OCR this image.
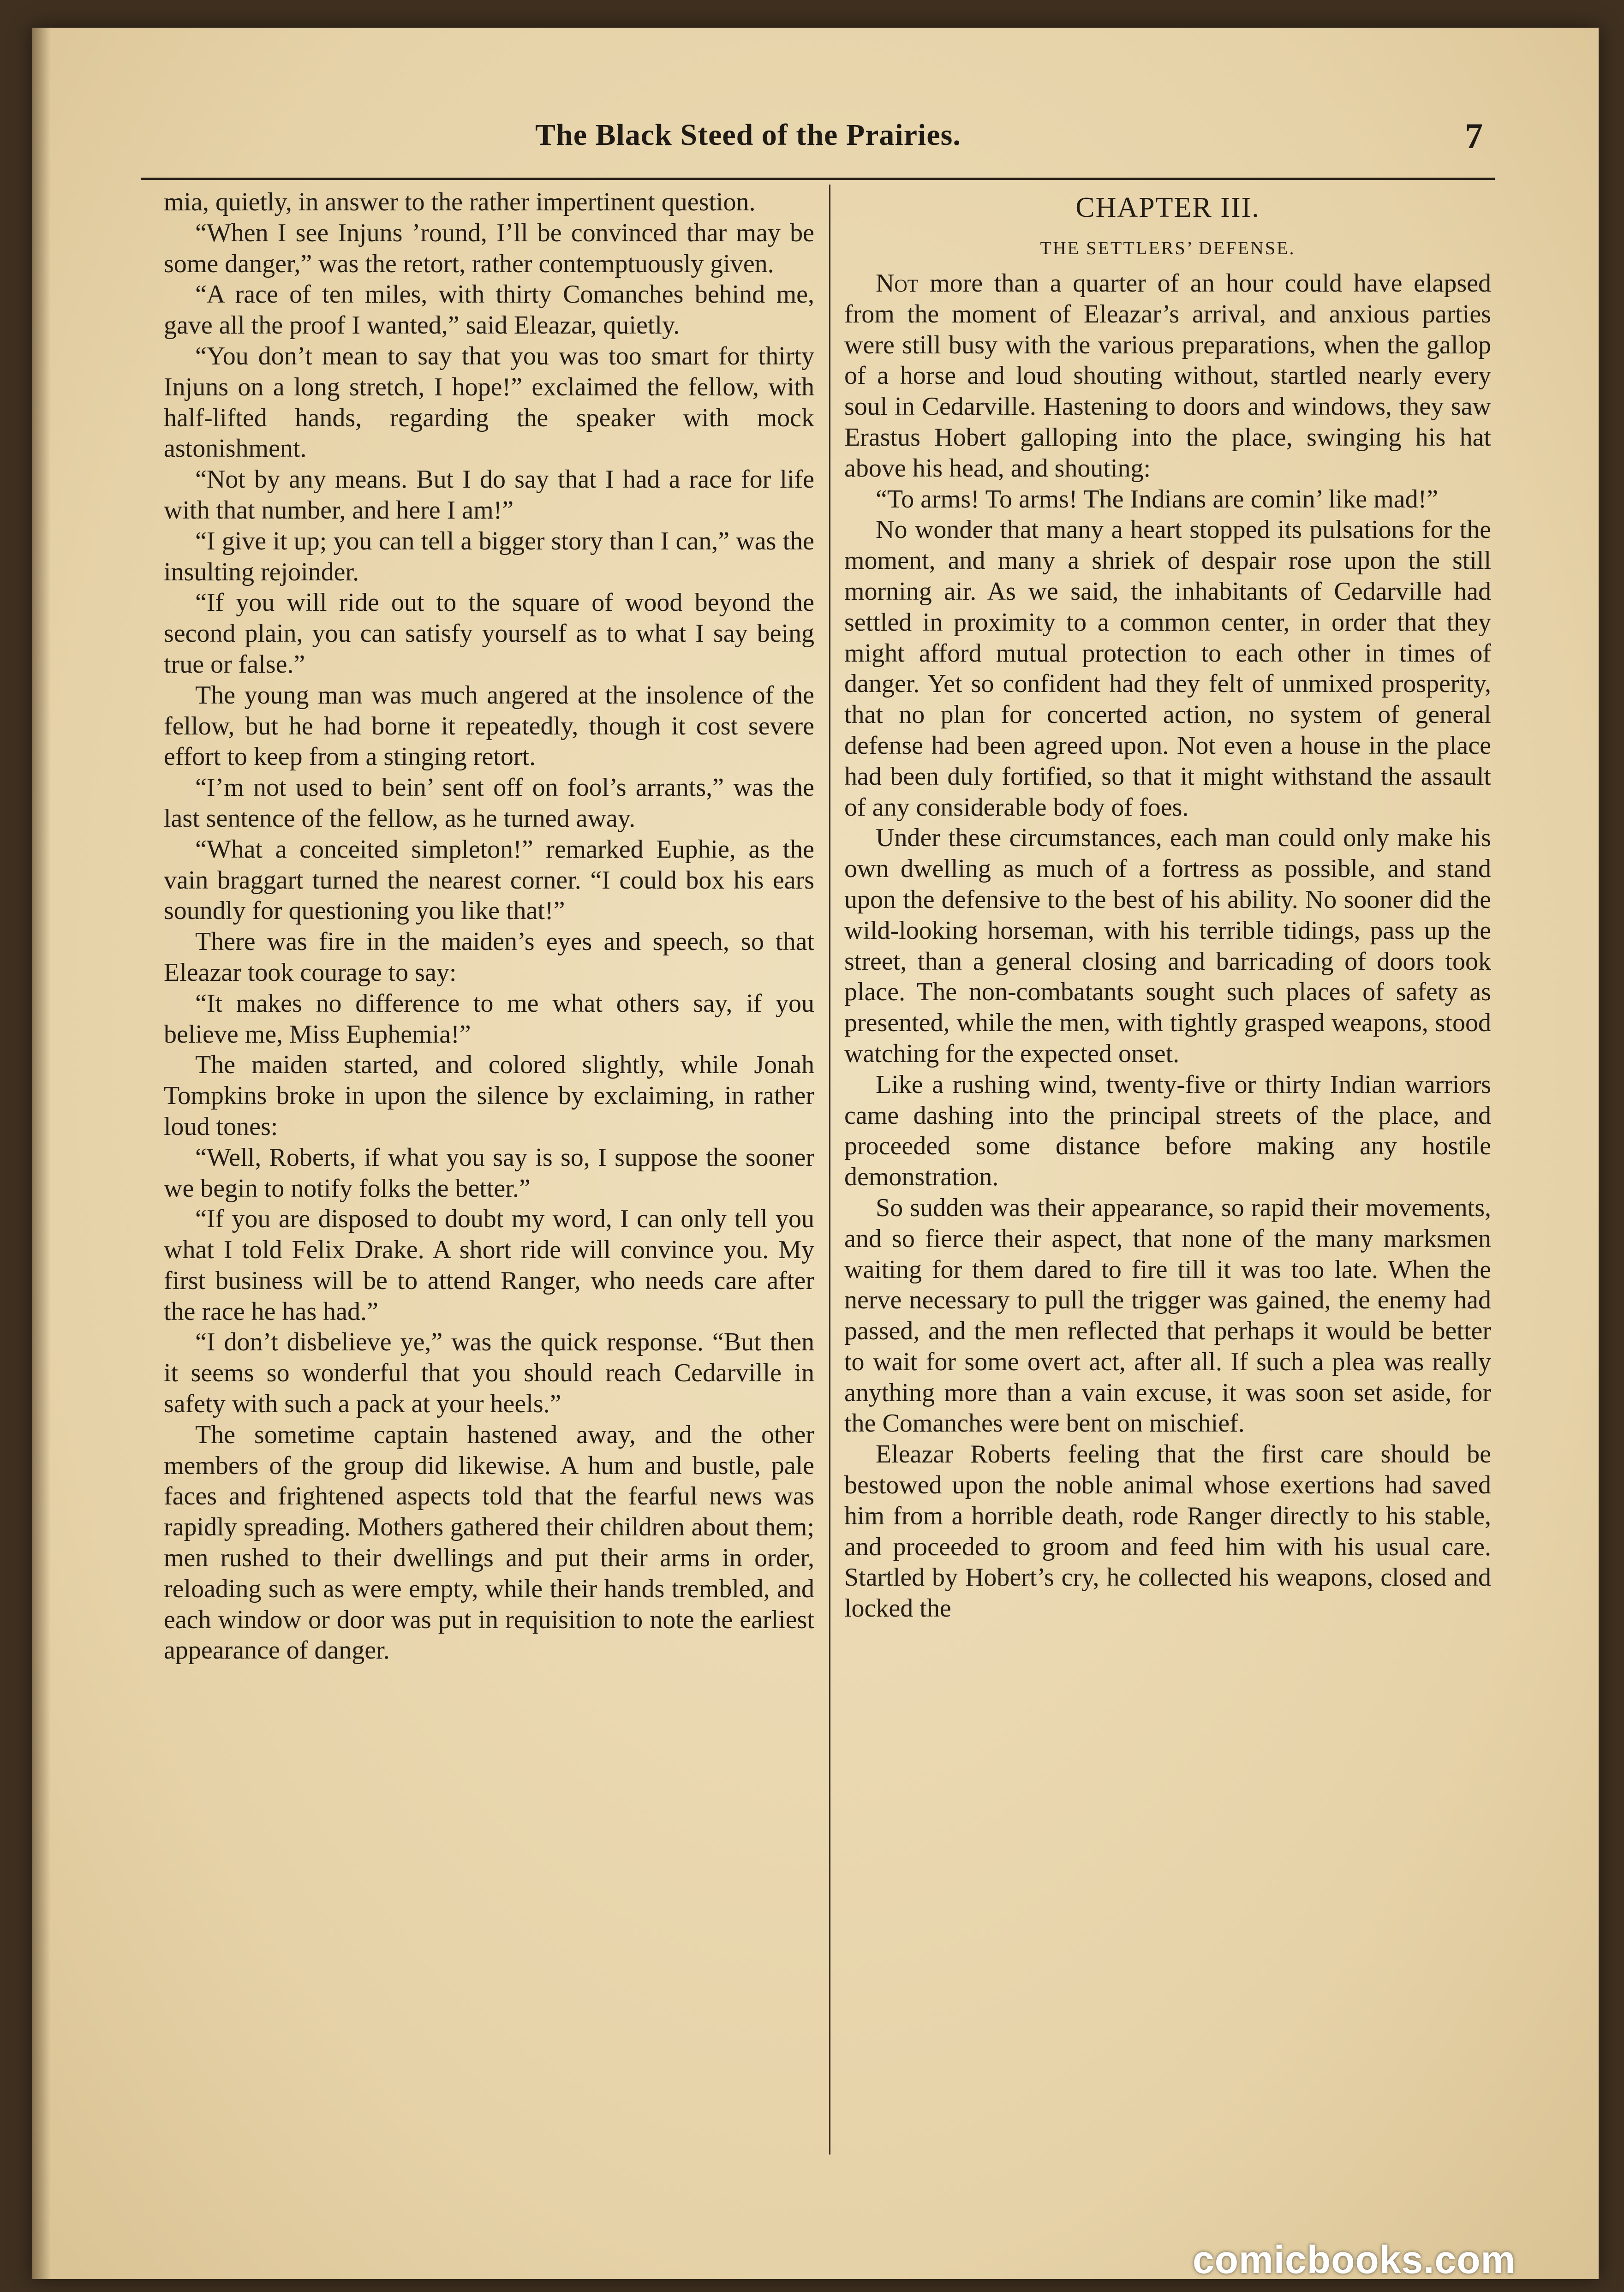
The Black Steed of the Prairies.	7

mia, quietly, in answer to the rather impertinent question.

“When I see Injuns ’round, I’ll be convinced thar may be some danger,” was the retort, rather contemptuously given.

“A race of ten miles, with thirty Comanches behind me, gave all the proof I wanted,” said Eleazar, quietly.

“You don’t mean to say that you was too smart for thirty Injuns on a long stretch, I hope!” exclaimed the fellow, with half-lifted hands, regarding the speaker with mock astonishment.

“Not by any means. But I do say that I had a race for life with that number, and here I am!”

“I give it up; you can tell a bigger story than I can,” was the insulting rejoinder.

“If you will ride out to the square of wood beyond the second plain, you can satisfy yourself as to what I say being true or false.”

The young man was much angered at the insolence of the fellow, but he had borne it repeatedly, though it cost severe effort to keep from a stinging retort.

“I’m not used to bein’ sent off on fool’s arrants,” was the last sentence of the fellow, as he turned away.

“What a conceited simpleton!” remarked Euphie, as the vain braggart turned the nearest corner. “I could box his ears soundly for questioning you like that!”

There was fire in the maiden’s eyes and speech, so that Eleazar took courage to say:

“It makes no difference to me what others say, if you believe me, Miss Euphemia!”

The maiden started, and colored slightly, while Jonah Tompkins broke in upon the silence by exclaiming, in rather loud tones:

“Well, Roberts, if what you say is so, I suppose the sooner we begin to notify folks the better.”

“If you are disposed to doubt my word, I can only tell you what I told Felix Drake. A short ride will convince you. My first business will be to attend Ranger, who needs care after the race he has had.”

“I don’t disbelieve ye,” was the quick response. “But then it seems so wonderful that you should reach Cedarville in safety with such a pack at your heels.”

The sometime captain hastened away, and the other members of the group did likewise. A hum and bustle, pale faces and frightened aspects told that the fearful news was rapidly spreading. Mothers gathered their children about them; men rushed to their dwellings and put their arms in order, reloading such as were empty, while their hands trembled, and each window or door was put in requisition to note the earliest appearance of danger.

CHAPTER III.
THE SETTLERS’ DEFENSE.

Not more than a quarter of an hour could have elapsed from the moment of Eleazar’s arrival, and anxious parties were still busy with the various preparations, when the gallop of a horse and loud shouting without, startled nearly every soul in Cedarville. Hastening to doors and windows, they saw Erastus Hobert galloping into the place, swinging his hat above his head, and shouting:

“To arms! To arms! The Indians are comin’ like mad!”

No wonder that many a heart stopped its pulsations for the moment, and many a shriek of despair rose upon the still morning air. As we said, the inhabitants of Cedarville had settled in proximity to a common center, in order that they might afford mutual protection to each other in times of danger. Yet so confident had they felt of unmixed prosperity, that no plan for concerted action, no system of general defense had been agreed upon. Not even a house in the place had been duly fortified, so that it might withstand the assault of any considerable body of foes.

Under these circumstances, each man could only make his own dwelling as much of a fortress as possible, and stand upon the defensive to the best of his ability. No sooner did the wild-looking horseman, with his terrible tidings, pass up the street, than a general closing and barricading of doors took place. The non-combatants sought such places of safety as presented, while the men, with tightly grasped weapons, stood watching for the expected onset.

Like a rushing wind, twenty-five or thirty Indian warriors came dashing into the principal streets of the place, and proceeded some distance before making any hostile demonstration.

So sudden was their appearance, so rapid their movements, and so fierce their aspect, that none of the many marksmen waiting for them dared to fire till it was too late. When the nerve necessary to pull the trigger was gained, the enemy had passed, and the men reflected that perhaps it would be better to wait for some overt act, after all. If such a plea was really anything more than a vain excuse, it was soon set aside, for the Comanches were bent on mischief.

Eleazar Roberts feeling that the first care should be bestowed upon the noble animal whose exertions had saved him from a horrible death, rode Ranger directly to his stable, and proceeded to groom and feed him with his usual care. Startled by Hobert’s cry, he collected his weapons, closed and locked the

comicbooks.com
